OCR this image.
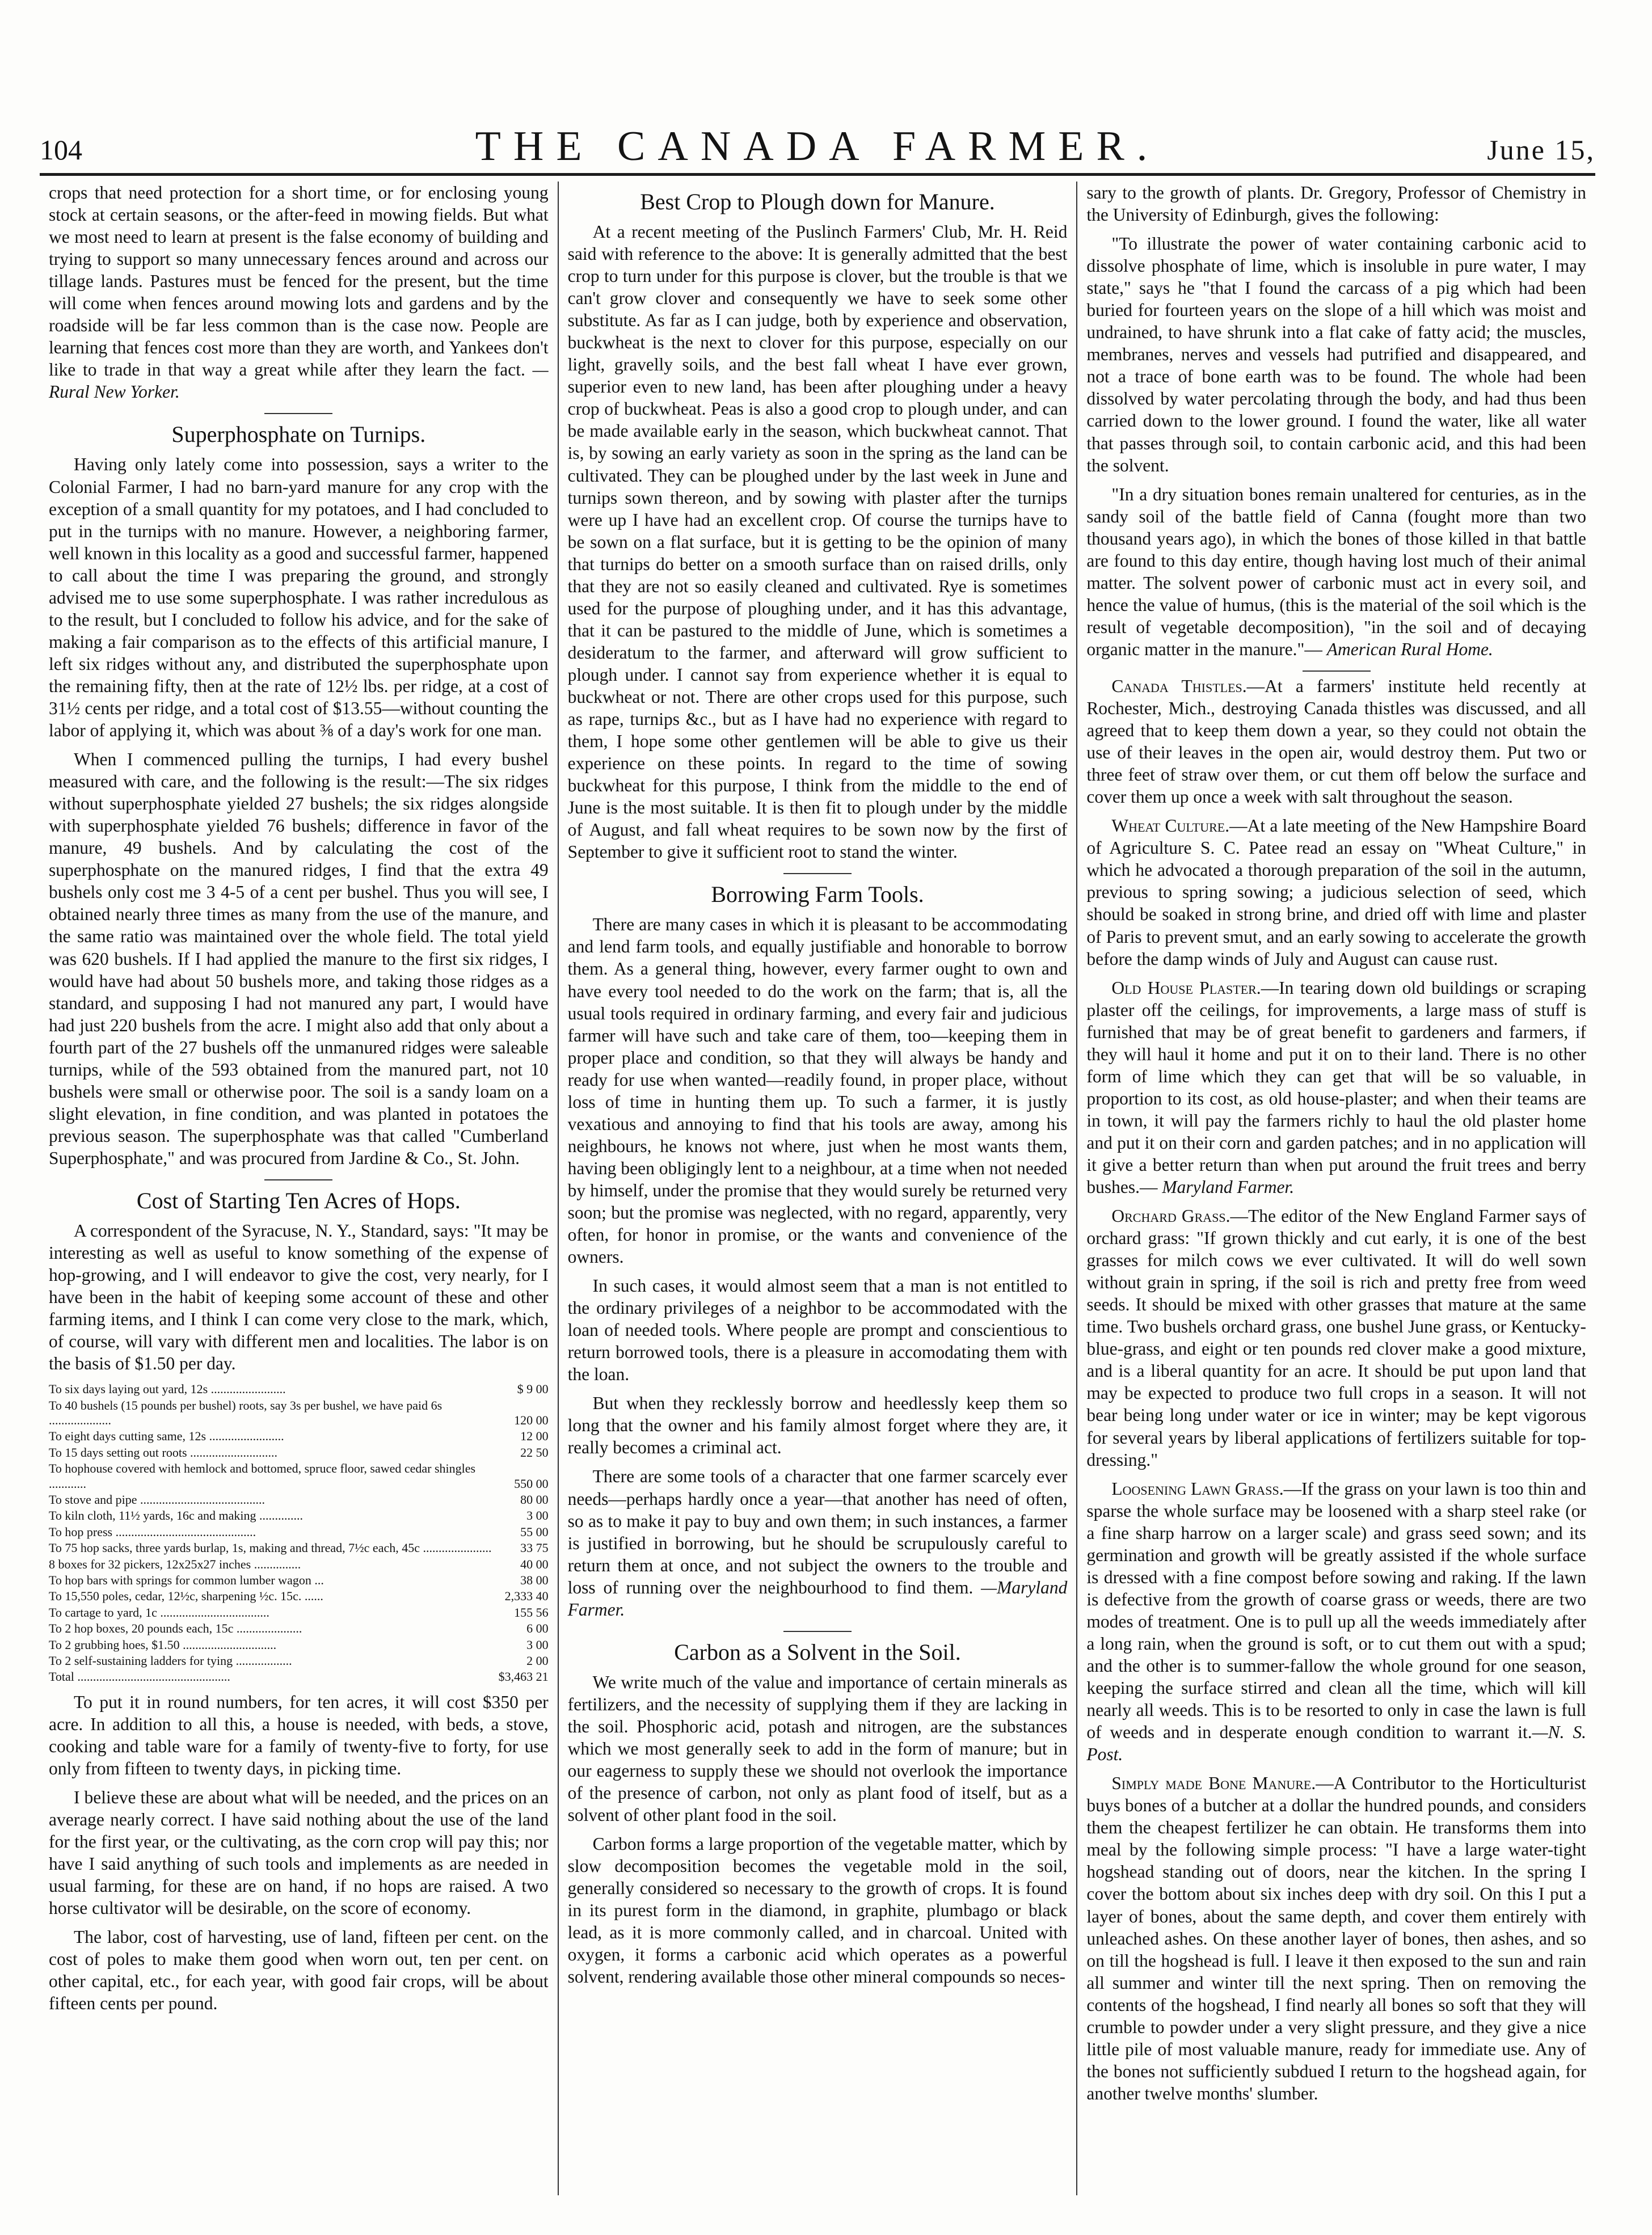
104	THE CANADA FARMER.	June 15,

crops that need protection for a short time, or for enclosing young stock at certain seasons, or the after-feed in mowing fields. But what we most need to learn at present is the false economy of building and trying to support so many unnecessary fences around and across our tillage lands. Pastures must be fenced for the present, but the time will come when fences around mowing lots and gardens and by the roadside will be far less common than is the case now. People are learning that fences cost more than they are worth, and Yankees don't like to trade in that way a great while after they learn the fact. —Rural New Yorker.

Superphosphate on Turnips.

Having only lately come into possession, says a writer to the Colonial Farmer, I had no barn-yard manure for any crop with the exception of a small quantity for my potatoes, and I had concluded to put in the turnips with no manure. However, a neighboring farmer, well known in this locality as a good and successful farmer, happened to call about the time I was preparing the ground, and strongly advised me to use some superphosphate. I was rather incredulous as to the result, but I concluded to follow his advice, and for the sake of making a fair comparison as to the effects of this artificial manure, I left six ridges without any, and distributed the superphosphate upon the remaining fifty, then at the rate of 12½ lbs. per ridge, at a cost of 31½ cents per ridge, and a total cost of $13.55—without counting the labor of applying it, which was about ⅜ of a day's work for one man.

When I commenced pulling the turnips, I had every bushel measured with care, and the following is the result:—The six ridges without superphosphate yielded 27 bushels; the six ridges alongside with superphosphate yielded 76 bushels; difference in favor of the manure, 49 bushels. And by calculating the cost of the superphosphate on the manured ridges, I find that the extra 49 bushels only cost me 3 4-5 of a cent per bushel. Thus you will see, I obtained nearly three times as many from the use of the manure, and the same ratio was maintained over the whole field. The total yield was 620 bushels. If I had applied the manure to the first six ridges, I would have had about 50 bushels more, and taking those ridges as a standard, and supposing I had not manured any part, I would have had just 220 bushels from the acre. I might also add that only about a fourth part of the 27 bushels off the unmanured ridges were saleable turnips, while of the 593 obtained from the manured part, not 10 bushels were small or otherwise poor. The soil is a sandy loam on a slight elevation, in fine condition, and was planted in potatoes the previous season. The superphosphate was that called "Cumberland Superphosphate," and was procured from Jardine & Co., St. John.

Cost of Starting Ten Acres of Hops.

A correspondent of the Syracuse, N. Y., Standard, says: "It may be interesting as well as useful to know something of the expense of hop-growing, and I will endeavor to give the cost, very nearly, for I have been in the habit of keeping some account of these and other farming items, and I think I can come very close to the mark, which, of course, will vary with different men and localities. The labor is on the basis of $1.50 per day.

To six days laying out yard, 12s ........................	$ 9 00
To 40 bushels (15 pounds per bushel) roots, say 3s per bushel, we have paid 6s ....................	120 00
To eight days cutting same, 12s ........................	12 00
To 15 days setting out roots ............................	22 50
To hophouse covered with hemlock and bottomed, spruce floor, sawed cedar shingles ............	550 00
To stove and pipe ........................................	80 00
To kiln cloth, 11½ yards, 16c and making ..............	3 00
To hop press .............................................	55 00
To 75 hop sacks, three yards burlap, 1s, making and thread, 7½c each, 45c ......................	33 75
8 boxes for 32 pickers, 12x25x27 inches ...............	40 00
To hop bars with springs for common lumber wagon ...	38 00
To 15,550 poles, cedar, 12½c, sharpening ½c. 15c. ......	2,333 40
To cartage to yard, 1c ...................................	155 56
To 2 hop boxes, 20 pounds each, 15c .....................	6 00
To 2 grubbing hoes, $1.50 ..............................	3 00
To 2 self-sustaining ladders for tying ..................	2 00
Total .................................................	$3,463 21

To put it in round numbers, for ten acres, it will cost $350 per acre. In addition to all this, a house is needed, with beds, a stove, cooking and table ware for a family of twenty-five to forty, for use only from fifteen to twenty days, in picking time.

I believe these are about what will be needed, and the prices on an average nearly correct. I have said nothing about the use of the land for the first year, or the cultivating, as the corn crop will pay this; nor have I said anything of such tools and implements as are needed in usual farming, for these are on hand, if no hops are raised. A two horse cultivator will be desirable, on the score of economy.

The labor, cost of harvesting, use of land, fifteen per cent. on the cost of poles to make them good when worn out, ten per cent. on other capital, etc., for each year, with good fair crops, will be about fifteen cents per pound.

Best Crop to Plough down for Manure.

At a recent meeting of the Puslinch Farmers' Club, Mr. H. Reid said with reference to the above: It is generally admitted that the best crop to turn under for this purpose is clover, but the trouble is that we can't grow clover and consequently we have to seek some other substitute. As far as I can judge, both by experience and observation, buckwheat is the next to clover for this purpose, especially on our light, gravelly soils, and the best fall wheat I have ever grown, superior even to new land, has been after ploughing under a heavy crop of buckwheat. Peas is also a good crop to plough under, and can be made available early in the season, which buckwheat cannot. That is, by sowing an early variety as soon in the spring as the land can be cultivated. They can be ploughed under by the last week in June and turnips sown thereon, and by sowing with plaster after the turnips were up I have had an excellent crop. Of course the turnips have to be sown on a flat surface, but it is getting to be the opinion of many that turnips do better on a smooth surface than on raised drills, only that they are not so easily cleaned and cultivated. Rye is sometimes used for the purpose of ploughing under, and it has this advantage, that it can be pastured to the middle of June, which is sometimes a desideratum to the farmer, and afterward will grow sufficient to plough under. I cannot say from experience whether it is equal to buckwheat or not. There are other crops used for this purpose, such as rape, turnips &c., but as I have had no experience with regard to them, I hope some other gentlemen will be able to give us their experience on these points. In regard to the time of sowing buckwheat for this purpose, I think from the middle to the end of June is the most suitable. It is then fit to plough under by the middle of August, and fall wheat requires to be sown now by the first of September to give it sufficient root to stand the winter.

Borrowing Farm Tools.

There are many cases in which it is pleasant to be accommodating and lend farm tools, and equally justifiable and honorable to borrow them. As a general thing, however, every farmer ought to own and have every tool needed to do the work on the farm; that is, all the usual tools required in ordinary farming, and every fair and judicious farmer will have such and take care of them, too—keeping them in proper place and condition, so that they will always be handy and ready for use when wanted—readily found, in proper place, without loss of time in hunting them up. To such a farmer, it is justly vexatious and annoying to find that his tools are away, among his neighbours, he knows not where, just when he most wants them, having been obligingly lent to a neighbour, at a time when not needed by himself, under the promise that they would surely be returned very soon; but the promise was neglected, with no regard, apparently, very often, for honor in promise, or the wants and convenience of the owners.

In such cases, it would almost seem that a man is not entitled to the ordinary privileges of a neighbor to be accommodated with the loan of needed tools. Where people are prompt and conscientious to return borrowed tools, there is a pleasure in accomodating them with the loan.

But when they recklessly borrow and heedlessly keep them so long that the owner and his family almost forget where they are, it really becomes a criminal act.

There are some tools of a character that one farmer scarcely ever needs—perhaps hardly once a year—that another has need of often, so as to make it pay to buy and own them; in such instances, a farmer is justified in borrowing, but he should be scrupulously careful to return them at once, and not subject the owners to the trouble and loss of running over the neighbourhood to find them. —Maryland Farmer.

Carbon as a Solvent in the Soil.

We write much of the value and importance of certain minerals as fertilizers, and the necessity of supplying them if they are lacking in the soil. Phosphoric acid, potash and nitrogen, are the substances which we most generally seek to add in the form of manure; but in our eagerness to supply these we should not overlook the importance of the presence of carbon, not only as plant food of itself, but as a solvent of other plant food in the soil.

Carbon forms a large proportion of the vegetable matter, which by slow decomposition becomes the vegetable mold in the soil, generally considered so necessary to the growth of crops. It is found in its purest form in the diamond, in graphite, plumbago or black lead, as it is more commonly called, and in charcoal. United with oxygen, it forms a carbonic acid which operates as a powerful solvent, rendering available those other mineral compounds so neces-

sary to the growth of plants. Dr. Gregory, Professor of Chemistry in the University of Edinburgh, gives the following:

"To illustrate the power of water containing carbonic acid to dissolve phosphate of lime, which is insoluble in pure water, I may state," says he "that I found the carcass of a pig which had been buried for fourteen years on the slope of a hill which was moist and undrained, to have shrunk into a flat cake of fatty acid; the muscles, membranes, nerves and vessels had putrified and disappeared, and not a trace of bone earth was to be found. The whole had been dissolved by water percolating through the body, and had thus been carried down to the lower ground. I found the water, like all water that passes through soil, to contain carbonic acid, and this had been the solvent.

"In a dry situation bones remain unaltered for centuries, as in the sandy soil of the battle field of Canna (fought more than two thousand years ago), in which the bones of those killed in that battle are found to this day entire, though having lost much of their animal matter. The solvent power of carbonic must act in every soil, and hence the value of humus, (this is the material of the soil which is the result of vegetable decomposition), "in the soil and of decaying organic matter in the manure."— American Rural Home.

Canada Thistles.—At a farmers' institute held recently at Rochester, Mich., destroying Canada thistles was discussed, and all agreed that to keep them down a year, so they could not obtain the use of their leaves in the open air, would destroy them. Put two or three feet of straw over them, or cut them off below the surface and cover them up once a week with salt throughout the season.

Wheat Culture.—At a late meeting of the New Hampshire Board of Agriculture S. C. Patee read an essay on "Wheat Culture," in which he advocated a thorough preparation of the soil in the autumn, previous to spring sowing; a judicious selection of seed, which should be soaked in strong brine, and dried off with lime and plaster of Paris to prevent smut, and an early sowing to accelerate the growth before the damp winds of July and August can cause rust.

Old House Plaster.—In tearing down old buildings or scraping plaster off the ceilings, for improvements, a large mass of stuff is furnished that may be of great benefit to gardeners and farmers, if they will haul it home and put it on to their land. There is no other form of lime which they can get that will be so valuable, in proportion to its cost, as old house-plaster; and when their teams are in town, it will pay the farmers richly to haul the old plaster home and put it on their corn and garden patches; and in no application will it give a better return than when put around the fruit trees and berry bushes.— Maryland Farmer.

Orchard Grass.—The editor of the New England Farmer says of orchard grass: "If grown thickly and cut early, it is one of the best grasses for milch cows we ever cultivated. It will do well sown without grain in spring, if the soil is rich and pretty free from weed seeds. It should be mixed with other grasses that mature at the same time. Two bushels orchard grass, one bushel June grass, or Kentucky-blue-grass, and eight or ten pounds red clover make a good mixture, and is a liberal quantity for an acre. It should be put upon land that may be expected to produce two full crops in a season. It will not bear being long under water or ice in winter; may be kept vigorous for several years by liberal applications of fertilizers suitable for top-dressing."

Loosening Lawn Grass.—If the grass on your lawn is too thin and sparse the whole surface may be loosened with a sharp steel rake (or a fine sharp harrow on a larger scale) and grass seed sown; and its germination and growth will be greatly assisted if the whole surface is dressed with a fine compost before sowing and raking. If the lawn is defective from the growth of coarse grass or weeds, there are two modes of treatment. One is to pull up all the weeds immediately after a long rain, when the ground is soft, or to cut them out with a spud; and the other is to summer-fallow the whole ground for one season, keeping the surface stirred and clean all the time, which will kill nearly all weeds. This is to be resorted to only in case the lawn is full of weeds and in desperate enough condition to warrant it.—N. S. Post.

Simply made Bone Manure.—A Contributor to the Horticulturist buys bones of a butcher at a dollar the hundred pounds, and considers them the cheapest fertilizer he can obtain. He transforms them into meal by the following simple process: "I have a large water-tight hogshead standing out of doors, near the kitchen. In the spring I cover the bottom about six inches deep with dry soil. On this I put a layer of bones, about the same depth, and cover them entirely with unleached ashes. On these another layer of bones, then ashes, and so on till the hogshead is full. I leave it then exposed to the sun and rain all summer and winter till the next spring. Then on removing the contents of the hogshead, I find nearly all bones so soft that they will crumble to powder under a very slight pressure, and they give a nice little pile of most valuable manure, ready for immediate use. Any of the bones not sufficiently subdued I return to the hogshead again, for another twelve months' slumber.
